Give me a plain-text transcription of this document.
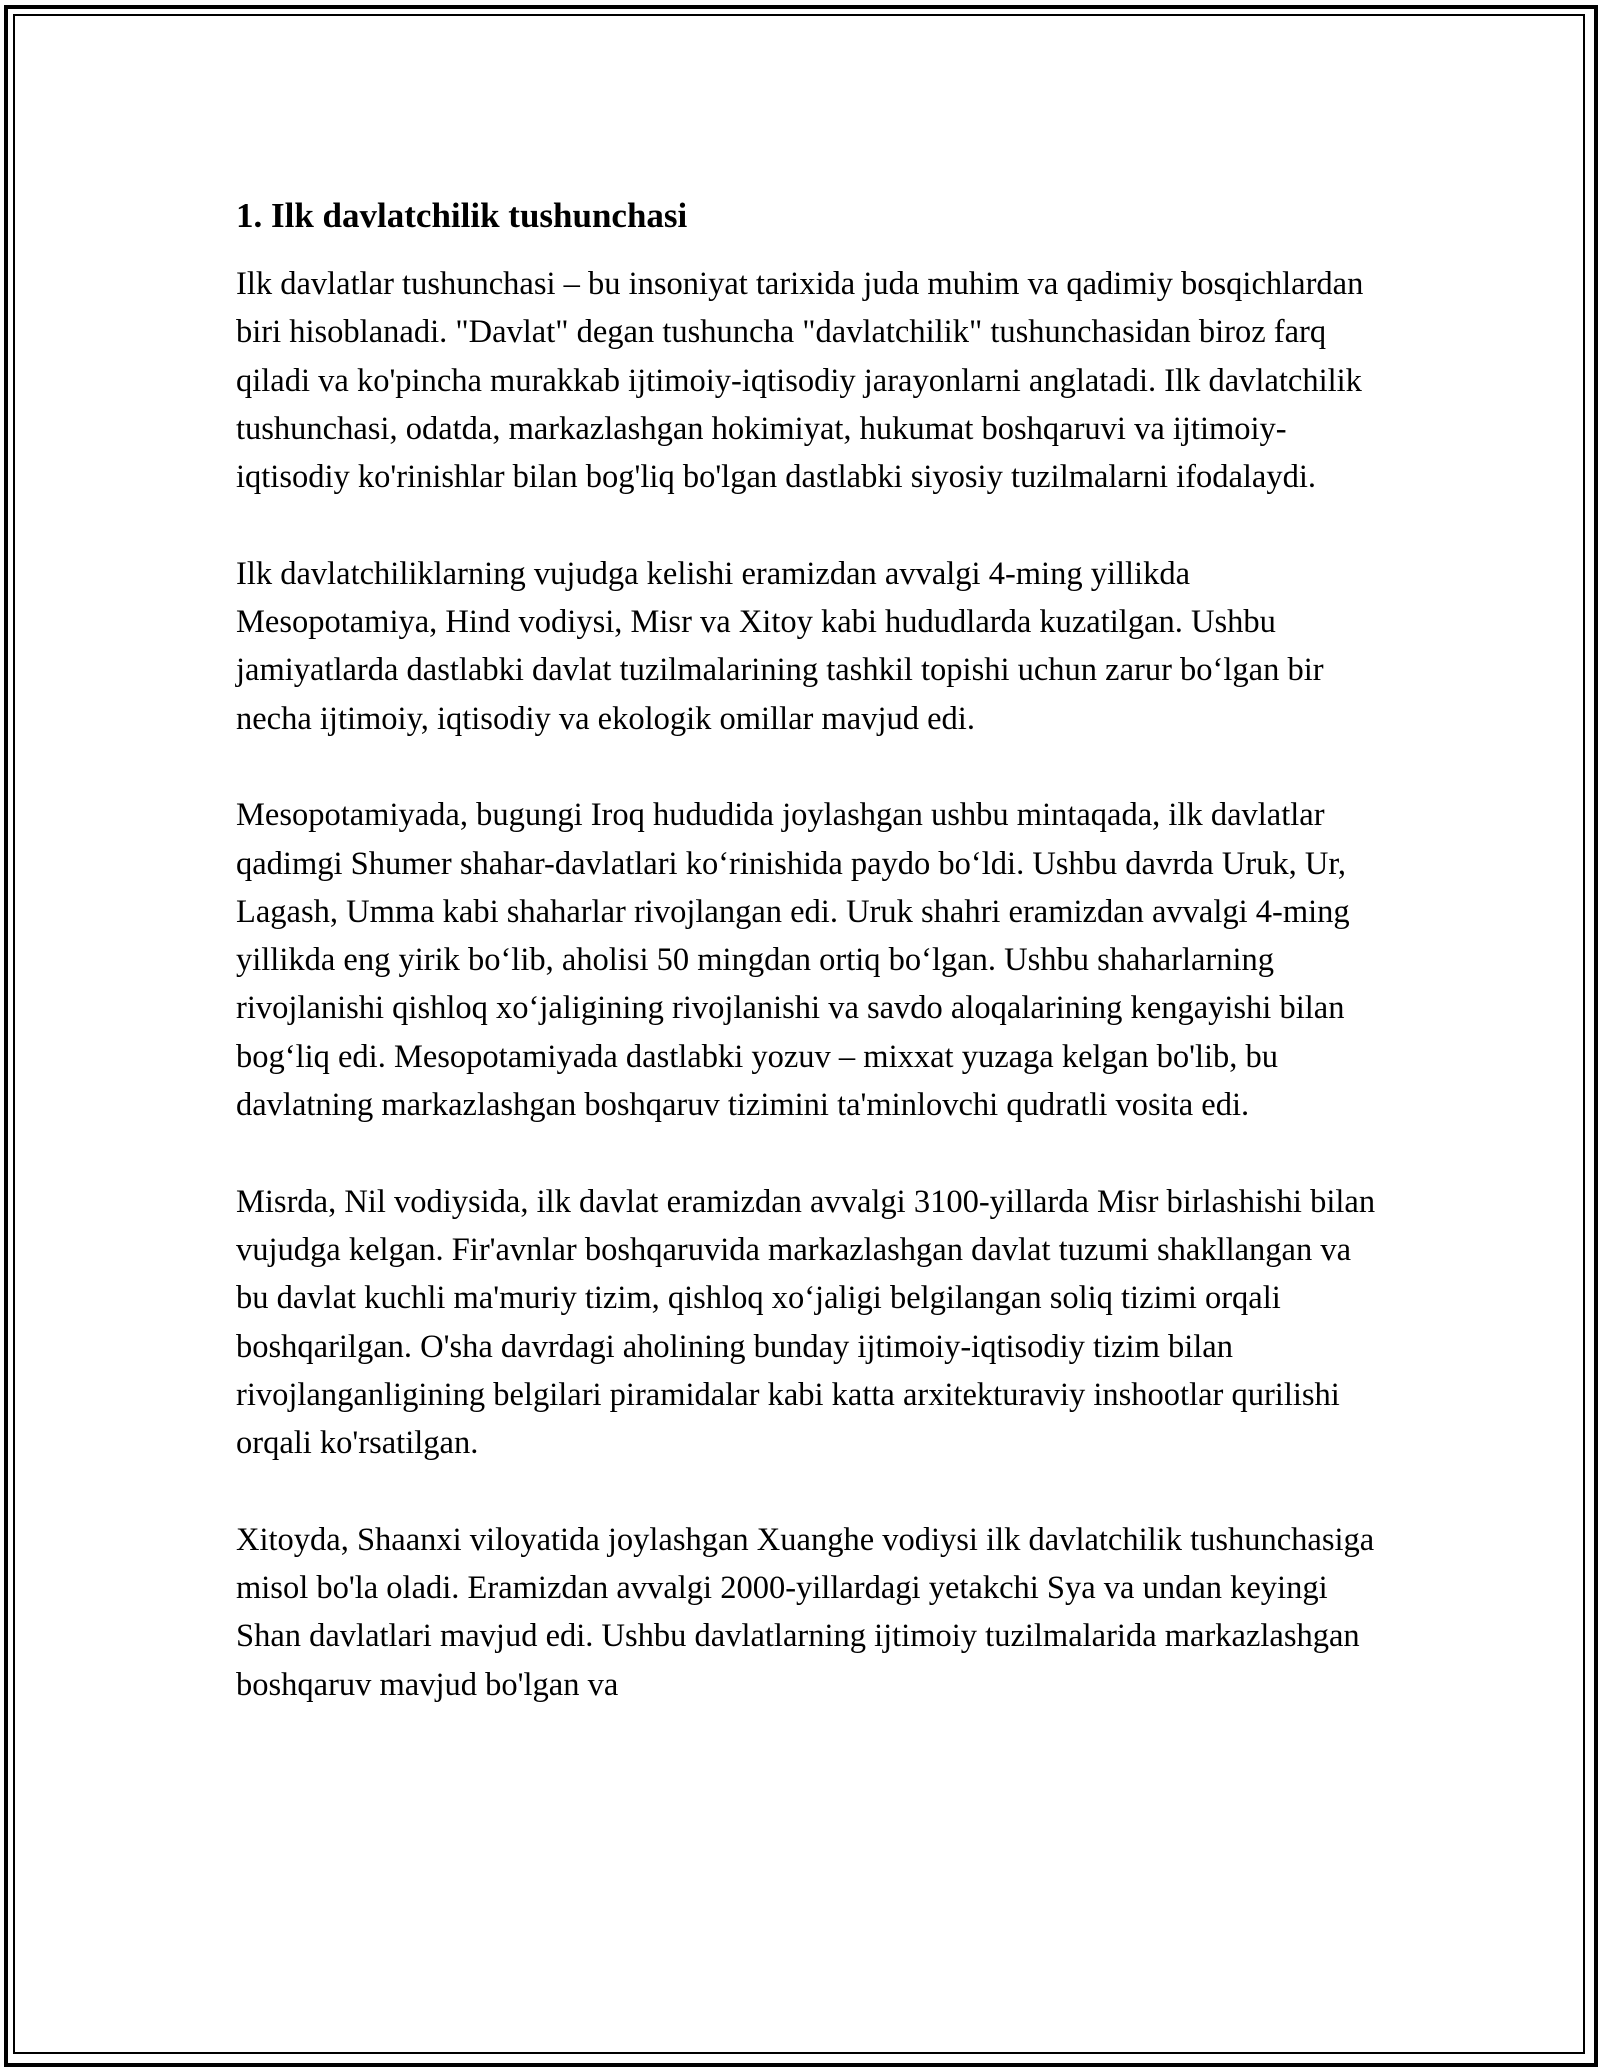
1. Ilk davlatchilik tushunchasi

Ilk davlatlar tushunchasi – bu insoniyat tarixida juda muhim va qadimiy bosqichlardan biri hisoblanadi. "Davlat" degan tushuncha "davlatchilik" tushunchasidan biroz farq qiladi va ko'pincha murakkab ijtimoiy-iqtisodiy jarayonlarni anglatadi. Ilk davlatchilik tushunchasi, odatda, markazlashgan hokimiyat, hukumat boshqaruvi va ijtimoiy-iqtisodiy ko'rinishlar bilan bog'liq bo'lgan dastlabki siyosiy tuzilmalarni ifodalaydi.

Ilk davlatchiliklarning vujudga kelishi eramizdan avvalgi 4-ming yillikda Mesopotamiya, Hind vodiysi, Misr va Xitoy kabi hududlarda kuzatilgan. Ushbu jamiyatlarda dastlabki davlat tuzilmalarining tashkil topishi uchun zarur boʻlgan bir necha ijtimoiy, iqtisodiy va ekologik omillar mavjud edi.

Mesopotamiyada, bugungi Iroq hududida joylashgan ushbu mintaqada, ilk davlatlar qadimgi Shumer shahar-davlatlari koʻrinishida paydo boʻldi. Ushbu davrda Uruk, Ur, Lagash, Umma kabi shaharlar rivojlangan edi. Uruk shahri eramizdan avvalgi 4-ming yillikda eng yirik boʻlib, aholisi 50 mingdan ortiq boʻlgan. Ushbu shaharlarning rivojlanishi qishloq xoʻjaligining rivojlanishi va savdo aloqalarining kengayishi bilan bogʻliq edi. Mesopotamiyada dastlabki yozuv – mixxat yuzaga kelgan bo'lib, bu davlatning markazlashgan boshqaruv tizimini ta'minlovchi qudratli vosita edi.

Misrda, Nil vodiysida, ilk davlat eramizdan avvalgi 3100-yillarda Misr birlashishi bilan vujudga kelgan. Fir'avnlar boshqaruvida markazlashgan davlat tuzumi shakllangan va bu davlat kuchli ma'muriy tizim, qishloq xoʻjaligi belgilangan soliq tizimi orqali boshqarilgan. O'sha davrdagi aholining bunday ijtimoiy-iqtisodiy tizim bilan rivojlanganligining belgilari piramidalar kabi katta arxitekturaviy inshootlar qurilishi orqali ko'rsatilgan.

Xitoyda, Shaanxi viloyatida joylashgan Xuanghe vodiysi ilk davlatchilik tushunchasiga misol bo'la oladi. Eramizdan avvalgi 2000-yillardagi yetakchi Sya va undan keyingi Shan davlatlari mavjud edi. Ushbu davlatlarning ijtimoiy tuzilmalarida markazlashgan boshqaruv mavjud bo'lgan va
